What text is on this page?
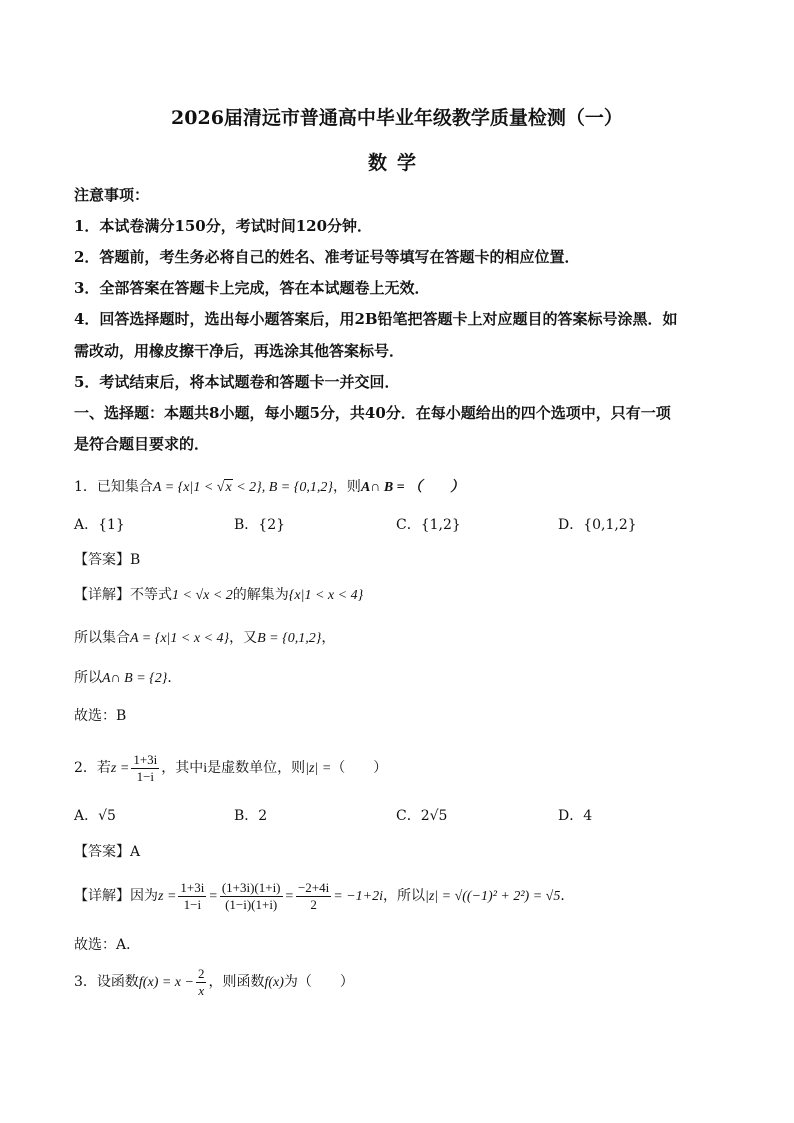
2026届清远市普通高中毕业年级教学质量检测（一）
数学
注意事项：
1．本试卷满分150分，考试时间120分钟．
2．答题前，考生务必将自己的姓名、准考证号等填写在答题卡的相应位置．
3．全部答案在答题卡上完成，答在本试题卷上无效．
4．回答选择题时，选出每小题答案后，用2B铅笔把答题卡上对应题目的答案标号涂黑．如
需改动，用橡皮擦干净后，再选涂其他答案标号．
5．考试结束后，将本试题卷和答题卡一并交回．
一、选择题：本题共8小题，每小题5分，共40分．在每小题给出的四个选项中，只有一项
是符合题目要求的．
1．已知集合A = {x|1 < √x < 2}, B = {0,1,2}，则A∩ B = （　　）
A．{1}	B．{2}	C．{1,2}	D．{0,1,2}
【答案】B
【详解】不等式1 < √x < 2的解集为{x|1 < x < 4}
所以集合A = {x|1 < x < 4}，又B = {0,1,2}，
所以A∩ B = {2}．
故选：B
2．若$z = \frac{1+3i}{1-i}$ ，其中i是虚数单位，则|z| =（　　）
A．√5	B．2	C．2√5	D．4
【答案】A
【详解】因为$z = \frac{1+3i}{1-i} = \frac{(1+3i)(1+i)}{(1-i)(1+i)} = \frac{-2+4i}{2} = -1+2i$，所以|z| = √((−1)² + 2²) = √5．
故选：A．
3．设函数$f(x) = x - \frac{2}{x}$ ，则函数f(x)为（　　）
